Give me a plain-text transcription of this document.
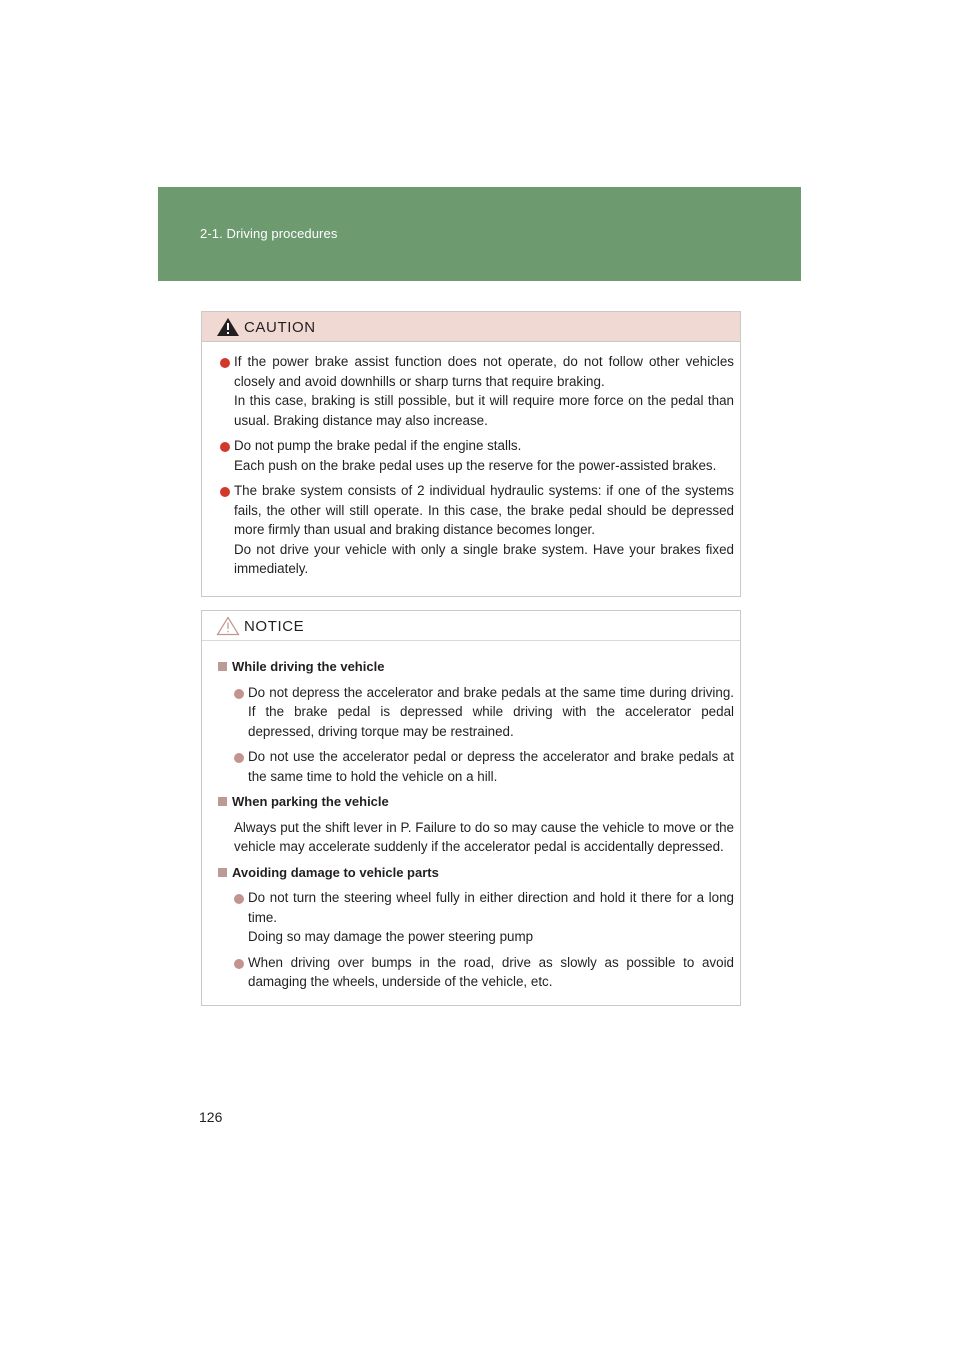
2-1. Driving procedures
CAUTION
If the power brake assist function does not operate, do not follow other vehicles closely and avoid downhills or sharp turns that require braking.
In this case, braking is still possible, but it will require more force on the pedal than usual. Braking distance may also increase.
Do not pump the brake pedal if the engine stalls.
Each push on the brake pedal uses up the reserve for the power-assisted brakes.
The brake system consists of 2 individual hydraulic systems: if one of the systems fails, the other will still operate. In this case, the brake pedal should be depressed more firmly than usual and braking distance becomes longer.
Do not drive your vehicle with only a single brake system. Have your brakes fixed immediately.
NOTICE
While driving the vehicle
Do not depress the accelerator and brake pedals at the same time during driving. If the brake pedal is depressed while driving with the accelerator pedal depressed, driving torque may be restrained.
Do not use the accelerator pedal or depress the accelerator and brake pedals at the same time to hold the vehicle on a hill.
When parking the vehicle
Always put the shift lever in P. Failure to do so may cause the vehicle to move or the vehicle may accelerate suddenly if the accelerator pedal is accidentally depressed.
Avoiding damage to vehicle parts
Do not turn the steering wheel fully in either direction and hold it there for a long time.
Doing so may damage the power steering pump
When driving over bumps in the road, drive as slowly as possible to avoid damaging the wheels, underside of the vehicle, etc.
126
